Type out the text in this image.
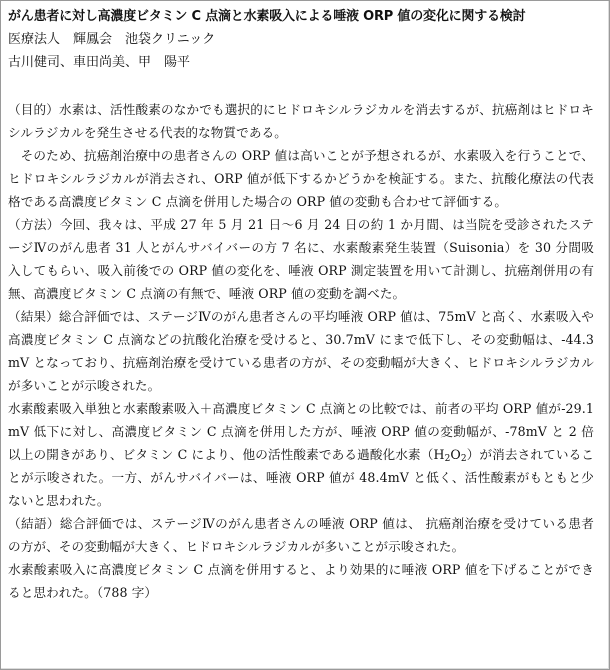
がん患者に対し高濃度ビタミン C 点滴と水素吸入による唾液 ORP 値の変化に関する検討

医療法人　輝鳳会　池袋クリニック

古川健司、車田尚美、甲　陽平

（目的）水素は、活性酸素のなかでも選択的にヒドロキシルラジカルを消去するが、抗癌剤はヒドロキシルラジカルを発生させる代表的な物質である。

そのため、抗癌剤治療中の患者さんの ORP 値は高いことが予想されるが、水素吸入を行うことで、ヒドロキシルラジカルが消去され、ORP 値が低下するかどうかを検証する。また、抗酸化療法の代表格である高濃度ビタミン C 点滴を併用した場合の ORP 値の変動も合わせて評価する。

（方法）今回、我々は、平成 27 年 5 月 21 日～6 月 24 日の約 1 か月間、は当院を受診されたステージⅣのがん患者 31 人とがんサバイバーの方 7 名に、水素酸素発生装置（Suisonia）を 30 分間吸入してもらい、吸入前後での ORP 値の変化を、唾液 ORP 測定装置を用いて計測し、抗癌剤併用の有無、高濃度ビタミン C 点滴の有無で、唾液 ORP 値の変動を調べた。

（結果）総合評価では、ステージⅣのがん患者さんの平均唾液 ORP 値は、75mV と高く、水素吸入や高濃度ビタミン C 点滴などの抗酸化治療を受けると、30.7mV にまで低下し、その変動幅は、-44.3mV となっており、抗癌剤治療を受けている患者の方が、その変動幅が大きく、ヒドロキシルラジカルが多いことが示唆された。

水素酸素吸入単独と水素酸素吸入＋高濃度ビタミン C 点滴との比較では、前者の平均 ORP 値が-29.1mV 低下に対し、高濃度ビタミン C 点滴を併用した方が、唾液 ORP 値の変動幅が、-78mV と 2 倍以上の開きがあり、ビタミン C により、他の活性酸素である過酸化水素$(H_2O_2)$が消去されていることが示唆された。一方、がんサバイバーは、唾液 ORP 値が 48.4mV と低く、活性酸素がもともと少ないと思われた。

（結語）総合評価では、ステージⅣのがん患者さんの唾液 ORP 値は、 抗癌剤治療を受けている患者の方が、その変動幅が大きく、ヒドロキシルラジカルが多いことが示唆された。

水素酸素吸入に高濃度ビタミン C 点滴を併用すると、より効果的に唾液 ORP 値を下げることができると思われた。（788 字）
